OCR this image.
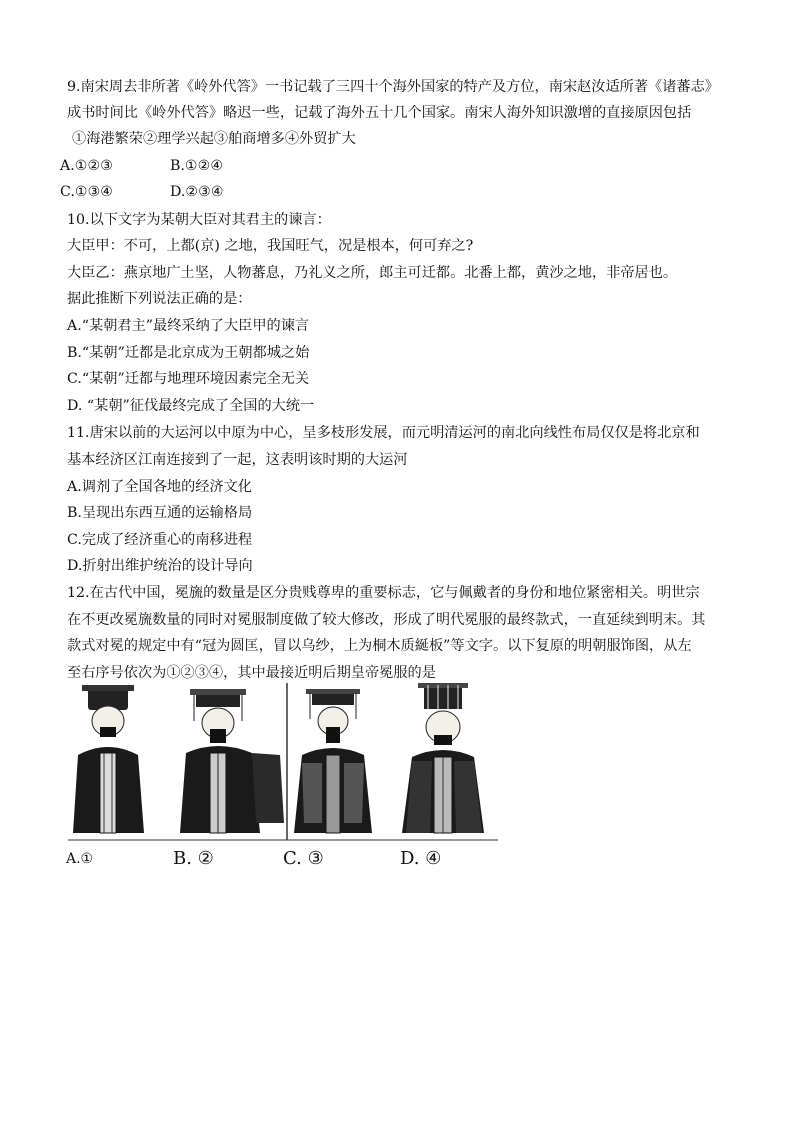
9.南宋周去非所著《岭外代答》一书记载了三四十个海外国家的特产及方位，南宋赵汝适所著《诸蕃志》
成书时间比《岭外代答》略迟一些，记载了海外五十几个国家。南宋人海外知识激增的直接原因包括
①海港繁荣②理学兴起③舶商增多④外贸扩大
A.①②③	B.①②④
C.①③④	D.②③④
10.以下文字为某朝大臣对其君主的谏言：
大臣甲：不可，上都(京) 之地，我国旺气，况是根本，何可弃之?
大臣乙：燕京地广土坚，人物蕃息，乃礼义之所，郎主可迁都。北番上都，黄沙之地，非帝居也。
据此推断下列说法正确的是：
A.“某朝君主”最终采纳了大臣甲的谏言
B.“某朝”迁都是北京成为王朝都城之始
C.“某朝”迁都与地理环境因素完全无关
D. “某朝”征伐最终完成了全国的大统一
11.唐宋以前的大运河以中原为中心，呈多枝形发展，而元明清运河的南北向线性布局仅仅是将北京和
基本经济区江南连接到了一起，这表明该时期的大运河
A.调剂了全国各地的经济文化
B.呈现出东西互通的运输格局
C.完成了经济重心的南移进程
D.折射出维护统治的设计导向
12.在古代中国，冕旒的数量是区分贵贱尊卑的重要标志，它与佩戴者的身份和地位紧密相关。明世宗
在不更改冕旒数量的同时对冕服制度做了较大修改，形成了明代冕服的最终款式，一直延续到明末。其
款式对冕的规定中有“冠为圆匡，冒以乌纱，上为桐木质綖板”等文字。以下复原的明朝服饰图，从左
至右序号依次为①②③④，其中最接近明后期皇帝冕服的是
A.①	B. ②	C. ③	D. ④
